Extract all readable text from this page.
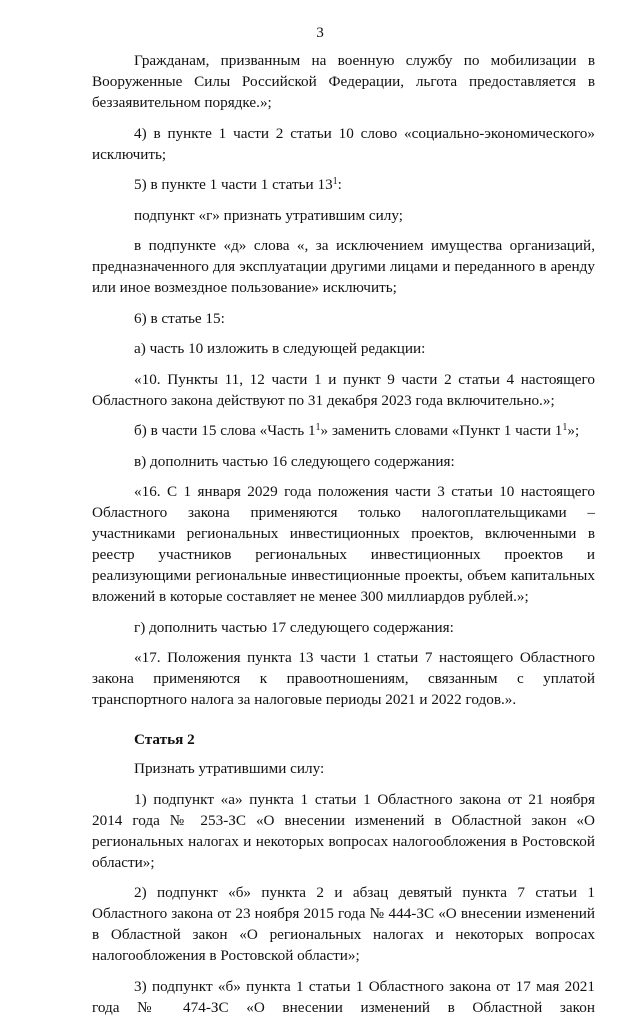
3

Гражданам, призванным на военную службу по мобилизации в Вооруженные Силы Российской Федерации, льгота предоставляется в беззаявительном порядке.»;

4) в пункте 1 части 2 статьи 10 слово «социально-экономического» исключить;

5) в пункте 1 части 1 статьи $13^1$:

подпункт «г» признать утратившим силу;

в подпункте «д» слова «, за исключением имущества организаций, предназначенного для эксплуатации другими лицами и переданного в аренду или иное возмездное пользование» исключить;

6) в статье 15:

а) часть 10 изложить в следующей редакции:

«10. Пункты 11, 12 части 1 и пункт 9 части 2 статьи 4 настоящего Областного закона действуют по 31 декабря 2023 года включительно.»;

б) в части 15 слова «Часть $1^1$» заменить словами «Пункт 1 части $1^1$»;

в) дополнить частью 16 следующего содержания:

«16. С 1 января 2029 года положения части 3 статьи 10 настоящего Областного закона применяются только налогоплательщиками – участниками региональных инвестиционных проектов, включенными в реестр участников региональных инвестиционных проектов и реализующими региональные инвестиционные проекты, объем капитальных вложений в которые составляет не менее 300 миллиардов рублей.»;

г) дополнить частью 17 следующего содержания:

«17. Положения пункта 13 части 1 статьи 7 настоящего Областного закона применяются к правоотношениям, связанным с уплатой транспортного налога за налоговые периоды 2021 и 2022 годов.».

Статья 2

Признать утратившими силу:

1) подпункт «а» пункта 1 статьи 1 Областного закона от 21 ноября 2014 года № 253-ЗС «О внесении изменений в Областной закон «О региональных налогах и некоторых вопросах налогообложения в Ростовской области»;

2) подпункт «б» пункта 2 и абзац девятый пункта 7 статьи 1 Областного закона от 23 ноября 2015 года № 444-ЗС «О внесении изменений в Областной закон «О региональных налогах и некоторых вопросах налогообложения в Ростовской области»;

3) подпункт «б» пункта 1 статьи 1 Областного закона от 17 мая 2021 года № 474-ЗС «О внесении изменений в Областной закон
